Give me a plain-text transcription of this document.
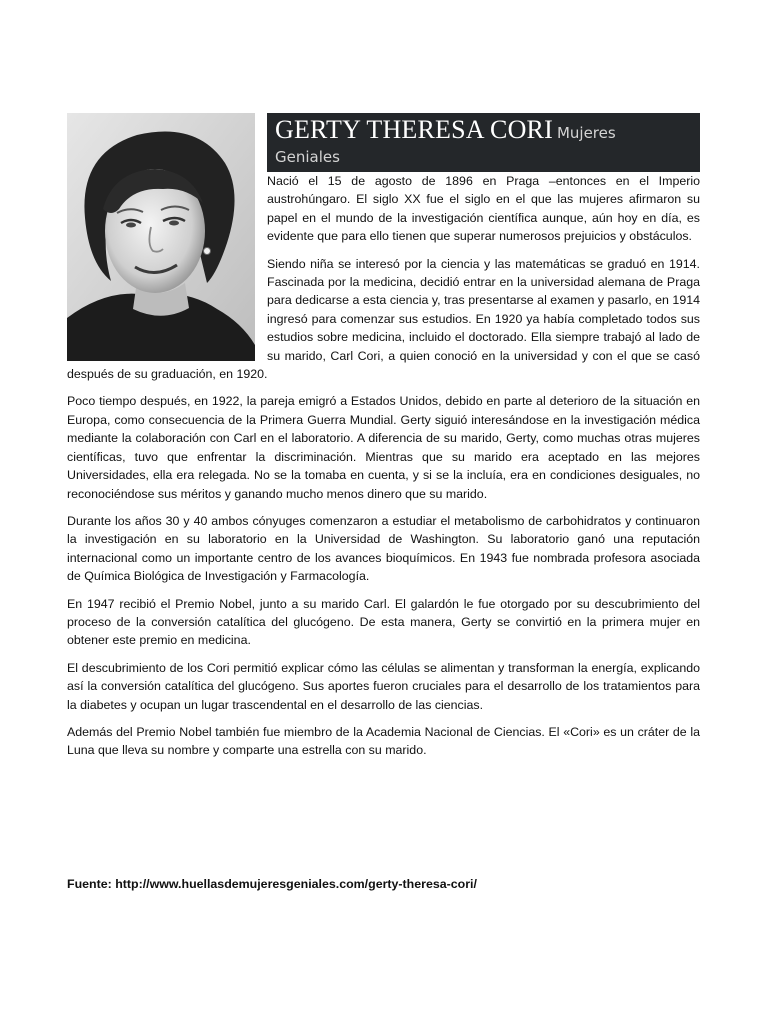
GERTY THERESA CORI Mujeres
Geniales

Nació el 15 de agosto de 1896 en Praga –entonces en el Imperio austrohúngaro. El siglo XX fue el siglo en el que las mujeres afirmaron su papel en el mundo de la investigación científica aunque, aún hoy en día, es evidente que para ello tienen que superar numerosos prejuicios y obstáculos.

Siendo niña se interesó por la ciencia y las matemáticas se graduó en 1914. Fascinada por la medicina, decidió entrar en la universidad alemana de Praga para dedicarse a esta ciencia y, tras presentarse al examen y pasarlo, en 1914 ingresó para comenzar sus estudios. En 1920 ya había completado todos sus estudios sobre medicina, incluido el doctorado. Ella siempre trabajó al lado de su marido, Carl Cori, a quien conoció en la universidad y con el que se casó después de su graduación, en 1920.

Poco tiempo después, en 1922, la pareja emigró a Estados Unidos, debido en parte al deterioro de la situación en Europa, como consecuencia de la Primera Guerra Mundial. Gerty siguió interesándose en la investigación médica mediante la colaboración con Carl en el laboratorio. A diferencia de su marido, Gerty, como muchas otras mujeres científicas, tuvo que enfrentar la discriminación. Mientras que su marido era aceptado en las mejores Universidades, ella era relegada. No se la tomaba en cuenta, y si se la incluía, era en condiciones desiguales, no reconociéndose sus méritos y ganando mucho menos dinero que su marido.

Durante los años 30 y 40 ambos cónyuges comenzaron a estudiar el metabolismo de carbohidratos y continuaron la investigación en su laboratorio en la Universidad de Washington. Su laboratorio ganó una reputación internacional como un importante centro de los avances bioquímicos. En 1943 fue nombrada profesora asociada de Química Biológica de Investigación y Farmacología.

En 1947 recibió el Premio Nobel, junto a su marido Carl. El galardón le fue otorgado por su descubrimiento del proceso de la conversión catalítica del glucógeno. De esta manera, Gerty se convirtió en la primera mujer en obtener este premio en medicina.

El descubrimiento de los Cori permitió explicar cómo las células se alimentan y transforman la energía, explicando así la conversión catalítica del glucógeno. Sus aportes fueron cruciales para el desarrollo de los tratamientos para la diabetes y ocupan un lugar trascendental en el desarrollo de las ciencias.

Además del Premio Nobel también fue miembro de la Academia Nacional de Ciencias. El «Cori» es un cráter de la Luna que lleva su nombre y comparte una estrella con su marido.

Fuente: http://www.huellasdemujeresgeniales.com/gerty-theresa-cori/
